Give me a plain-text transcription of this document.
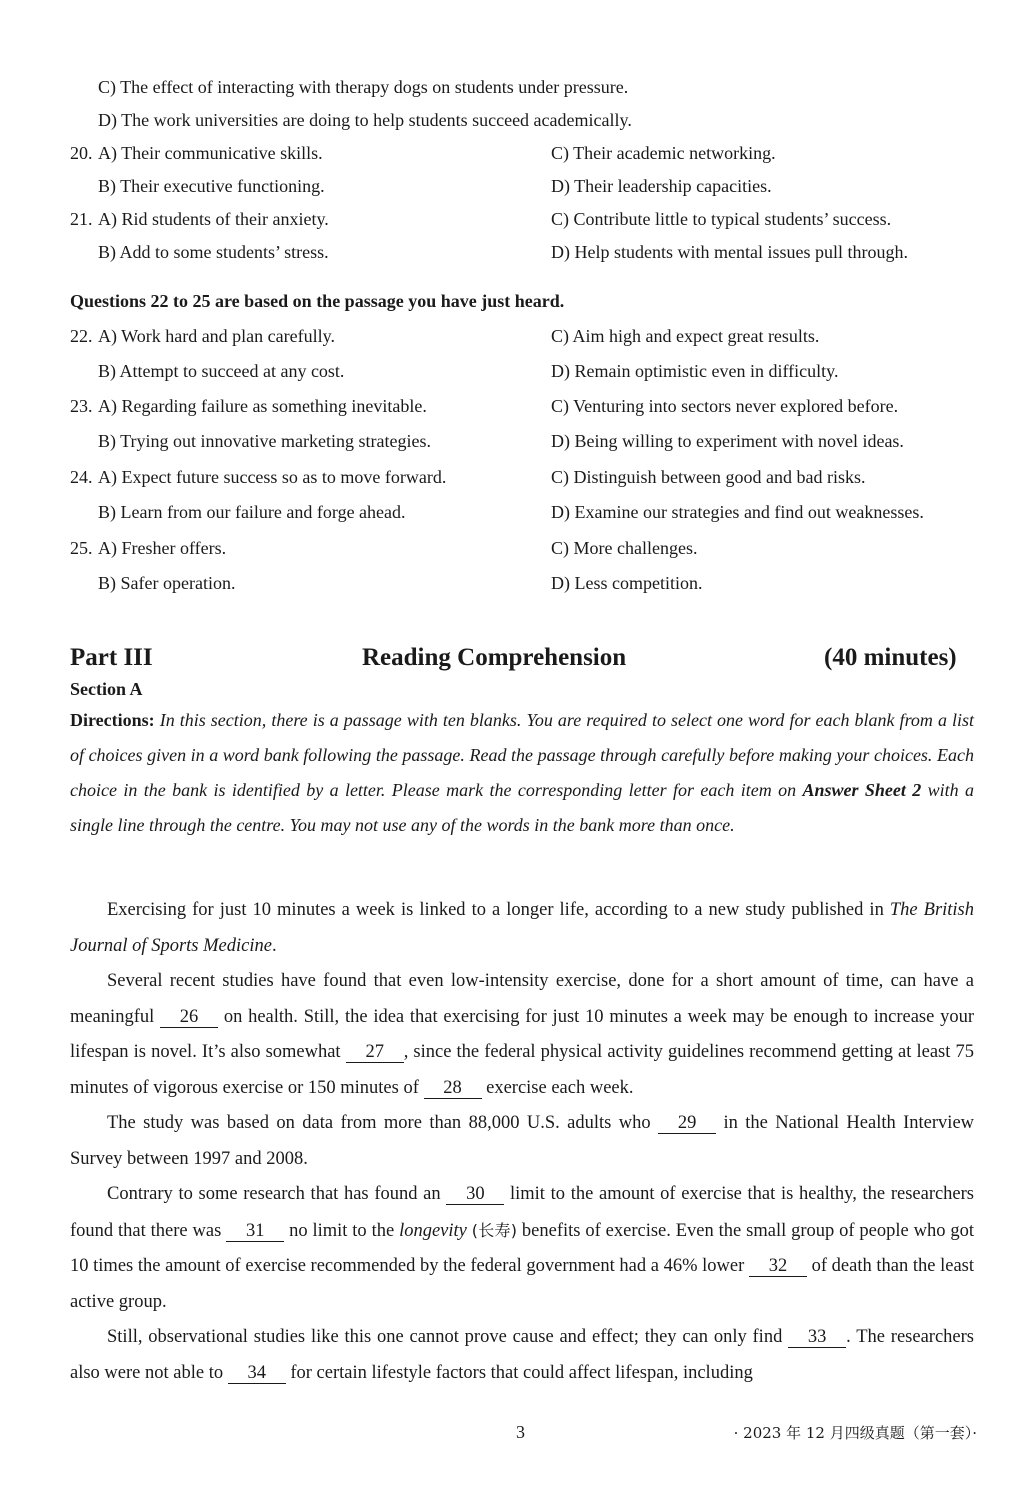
C) The effect of interacting with therapy dogs on students under pressure.
D) The work universities are doing to help students succeed academically.
20. A) Their communicative skills.	C) Their academic networking.
B) Their executive functioning.	D) Their leadership capacities.
21. A) Rid students of their anxiety.	C) Contribute little to typical students’ success.
B) Add to some students’ stress.	D) Help students with mental issues pull through.
Questions 22 to 25 are based on the passage you have just heard.
22. A) Work hard and plan carefully.	C) Aim high and expect great results.
B) Attempt to succeed at any cost.	D) Remain optimistic even in difficulty.
23. A) Regarding failure as something inevitable.	C) Venturing into sectors never explored before.
B) Trying out innovative marketing strategies.	D) Being willing to experiment with novel ideas.
24. A) Expect future success so as to move forward.	C) Distinguish between good and bad risks.
B) Learn from our failure and forge ahead.	D) Examine our strategies and find out weaknesses.
25. A) Fresher offers.	C) More challenges.
B) Safer operation.	D) Less competition.
Part III	Reading Comprehension	(40 minutes)
Section A
Directions: In this section, there is a passage with ten blanks. You are required to select one word for each blank from a list of choices given in a word bank following the passage. Read the passage through carefully before making your choices. Each choice in the bank is identified by a letter. Please mark the corresponding letter for each item on Answer Sheet 2 with a single line through the centre. You may not use any of the words in the bank more than once.
Exercising for just 10 minutes a week is linked to a longer life, according to a new study published in The British Journal of Sports Medicine.
Several recent studies have found that even low-intensity exercise, done for a short amount of time, can have a meaningful 26 on health. Still, the idea that exercising for just 10 minutes a week may be enough to increase your lifespan is novel. It’s also somewhat 27 , since the federal physical activity guidelines recommend getting at least 75 minutes of vigorous exercise or 150 minutes of 28 exercise each week.
The study was based on data from more than 88,000 U.S. adults who 29 in the National Health Interview Survey between 1997 and 2008.
Contrary to some research that has found an 30 limit to the amount of exercise that is healthy, the researchers found that there was 31 no limit to the longevity (长寿) benefits of exercise. Even the small group of people who got 10 times the amount of exercise recommended by the federal government had a 46% lower 32 of death than the least active group.
Still, observational studies like this one cannot prove cause and effect; they can only find 33 . The researchers also were not able to 34 for certain lifestyle factors that could affect lifespan, including
3	· 2023 年 12 月四级真题（第一套）·
